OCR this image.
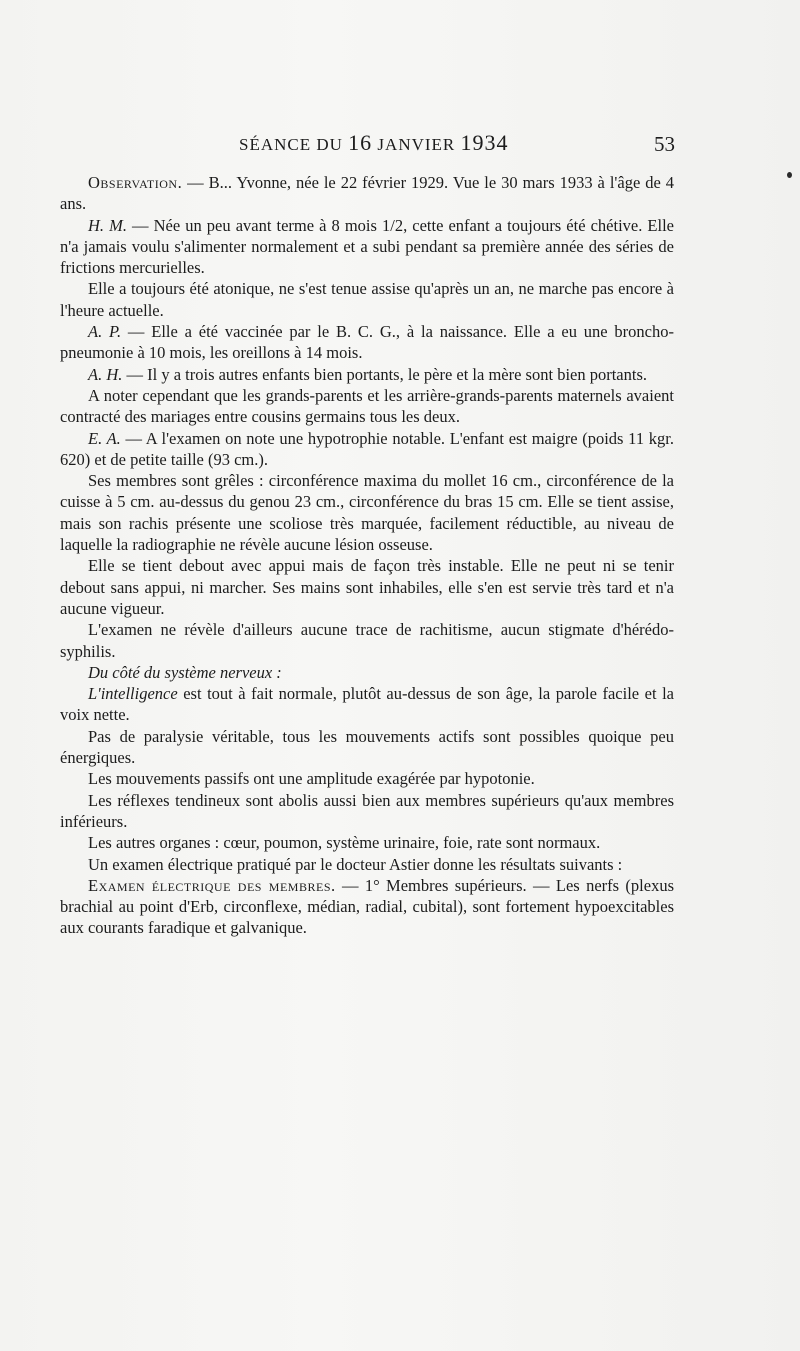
SÉANCE DU 16 JANVIER 1934	53

Observation. — B... Yvonne, née le 22 février 1929. Vue le 30 mars 1933 à l'âge de 4 ans.

H. M. — Née un peu avant terme à 8 mois 1/2, cette enfant a toujours été chétive. Elle n'a jamais voulu s'alimenter normalement et a subi pendant sa première année des séries de frictions mercurielles.

Elle a toujours été atonique, ne s'est tenue assise qu'après un an, ne marche pas encore à l'heure actuelle.

A. P. — Elle a été vaccinée par le B. C. G., à la naissance. Elle a eu une broncho-pneumonie à 10 mois, les oreillons à 14 mois.

A. H. — Il y a trois autres enfants bien portants, le père et la mère sont bien portants.

A noter cependant que les grands-parents et les arrière-grands-parents maternels avaient contracté des mariages entre cousins germains tous les deux.

E. A. — A l'examen on note une hypotrophie notable. L'enfant est maigre (poids 11 kgr. 620) et de petite taille (93 cm.).

Ses membres sont grêles : circonférence maxima du mollet 16 cm., circonférence de la cuisse à 5 cm. au-dessus du genou 23 cm., circonférence du bras 15 cm. Elle se tient assise, mais son rachis présente une scoliose très marquée, facilement réductible, au niveau de laquelle la radiographie ne révèle aucune lésion osseuse.

Elle se tient debout avec appui mais de façon très instable. Elle ne peut ni se tenir debout sans appui, ni marcher. Ses mains sont inhabiles, elle s'en est servie très tard et n'a aucune vigueur.

L'examen ne révèle d'ailleurs aucune trace de rachitisme, aucun stigmate d'hérédo-syphilis.

Du côté du système nerveux :

L'intelligence est tout à fait normale, plutôt au-dessus de son âge, la parole facile et la voix nette.

Pas de paralysie véritable, tous les mouvements actifs sont possibles quoique peu énergiques.

Les mouvements passifs ont une amplitude exagérée par hypotonie.

Les réflexes tendineux sont abolis aussi bien aux membres supérieurs qu'aux membres inférieurs.

Les autres organes : cœur, poumon, système urinaire, foie, rate sont normaux.

Un examen électrique pratiqué par le docteur Astier donne les résultats suivants :

Examen électrique des membres. — 1° Membres supérieurs. — Les nerfs (plexus brachial au point d'Erb, circonflexe, médian, radial, cubital), sont fortement hypoexcitables aux courants faradique et galvanique.
